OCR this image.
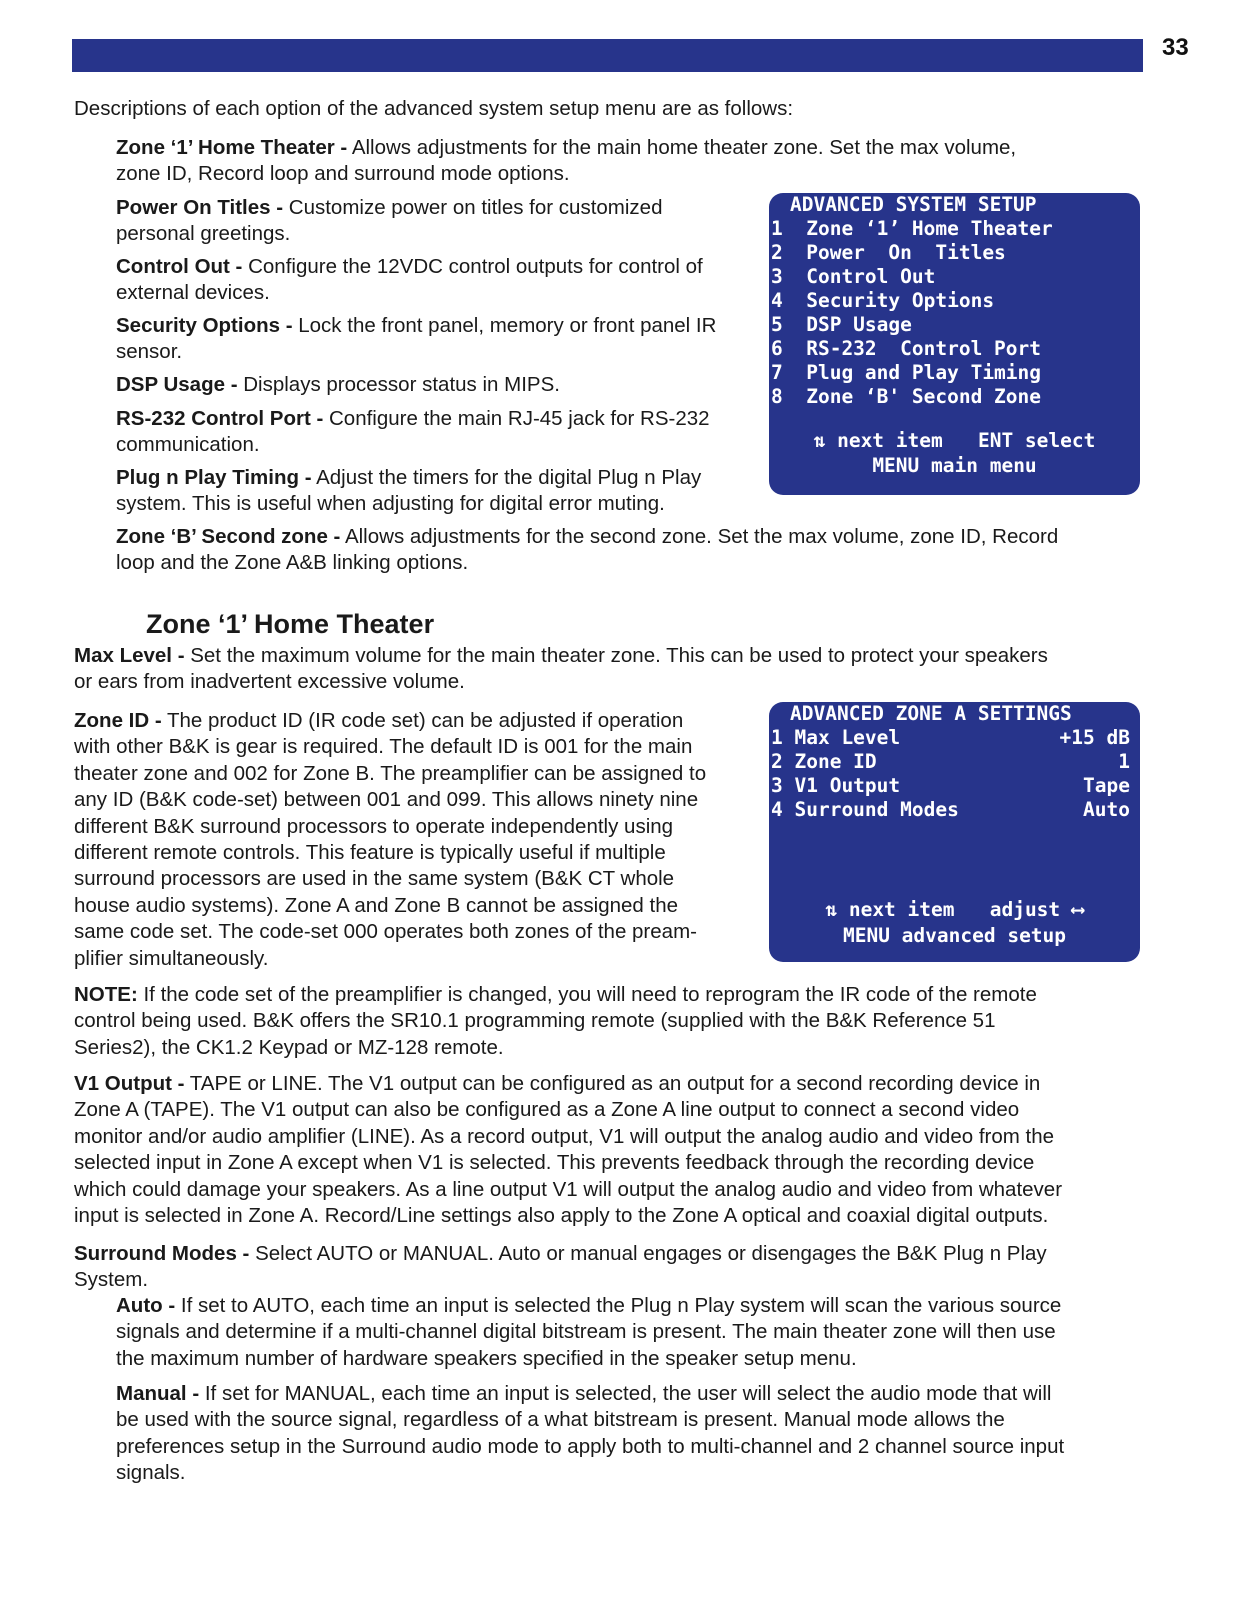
33

Descriptions of each option of the advanced system setup menu are as follows:

Zone ‘1’ Home Theater - Allows adjustments for the main home theater zone. Set the max volume,
zone ID, Record loop and surround mode options.

Power On Titles - Customize power on titles for customized
personal greetings.

Control Out - Configure the 12VDC control outputs for control of
external devices.

Security Options - Lock the front panel, memory or front panel IR
sensor.

DSP Usage - Displays processor status in MIPS.

RS-232 Control Port - Configure the main RJ-45 jack for RS-232
communication.

Plug n Play Timing - Adjust the timers for the digital Plug n Play
system. This is useful when adjusting for digital error muting.

Zone ‘B’ Second zone - Allows adjustments for the second zone. Set the max volume, zone ID, Record
loop and the Zone A&B linking options.

ADVANCED SYSTEM SETUP
1  Zone ‘1’ Home Theater
2  Power  On  Titles
3  Control Out
4  Security Options
5  DSP Usage
6  RS-232  Control Port
7  Plug and Play Timing
8  Zone ‘B' Second Zone
⇅ next item   ENT select
MENU main menu
Zone ‘1’ Home Theater

Max Level - Set the maximum volume for the main theater zone. This can be used to protect your speakers
or ears from inadvertent excessive volume.

Zone ID - The product ID (IR code set) can be adjusted if operation
with other B&K is gear is required. The default ID is 001 for the main
theater zone and 002 for Zone B. The preamplifier can be assigned to
any ID (B&K code-set) between 001 and 099. This allows ninety nine
different B&K surround processors to operate independently using
different remote controls. This feature is typically useful if multiple
surround processors are used in the same system (B&K CT whole
house audio systems). Zone A and Zone B cannot be assigned the
same code set. The code-set 000 operates both zones of the pream-
plifier simultaneously.

ADVANCED ZONE A SETTINGS
1 Max Level	+15 dB
2 Zone ID	1
3 V1 Output	Tape
4 Surround Modes	Auto
⇅ next item   adjust ⟷
MENU advanced setup

NOTE: If the code set of the preamplifier is changed, you will need to reprogram the IR code of the remote
control being used. B&K offers the SR10.1 programming remote (supplied with the B&K Reference 51
Series2), the CK1.2 Keypad or MZ-128 remote.

V1 Output - TAPE or LINE. The V1 output can be configured as an output for a second recording device in
Zone A (TAPE). The V1 output can also be configured as a Zone A line output to connect a second video
monitor and/or audio amplifier (LINE). As a record output, V1 will output the analog audio and video from the
selected input in Zone A except when V1 is selected. This prevents feedback through the recording device
which could damage your speakers. As a line output V1 will output the analog audio and video from whatever
input is selected in Zone A. Record/Line settings also apply to the Zone A optical and coaxial digital outputs.

Surround Modes - Select AUTO or MANUAL. Auto or manual engages or disengages the B&K Plug n Play
System.

Auto - If set to AUTO, each time an input is selected the Plug n Play system will scan the various source
signals and determine if a multi-channel digital bitstream is present. The main theater zone will then use
the maximum number of hardware speakers specified in the speaker setup menu.

Manual - If set for MANUAL, each time an input is selected, the user will select the audio mode that will
be used with the source signal, regardless of a what bitstream is present. Manual mode allows the
preferences setup in the Surround audio mode to apply both to multi-channel and 2 channel source input
signals.
